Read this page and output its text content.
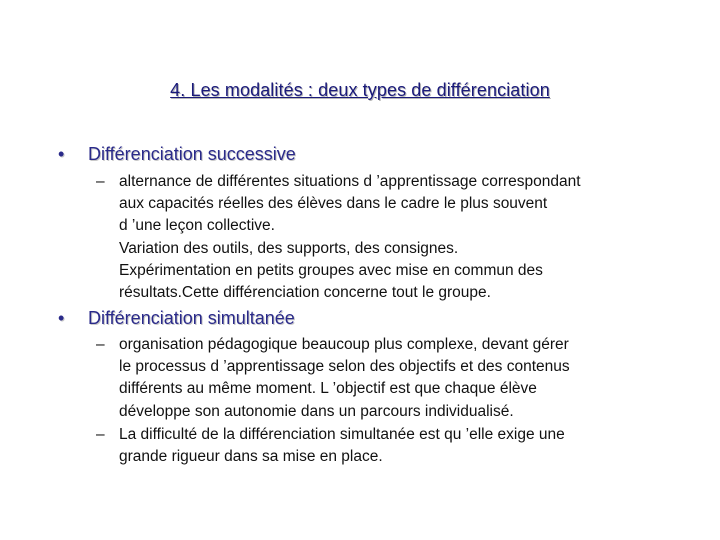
4. Les modalités : deux types de différenciation
• Différenciation successive
– alternance de différentes situations d ’apprentissage correspondant
aux capacités réelles des élèves dans le cadre le plus souvent
d ’une leçon collective.
Variation des outils, des supports, des consignes.
Expérimentation en petits groupes avec mise en commun des
résultats.Cette différenciation concerne tout le groupe.
• Différenciation simultanée
– organisation pédagogique beaucoup plus complexe, devant gérer
le processus d ’apprentissage selon des objectifs et des contenus
différents au même moment. L ’objectif est que chaque élève
développe son autonomie dans un parcours individualisé.
– La difficulté de la différenciation simultanée est qu ’elle exige une
grande rigueur dans sa mise en place.
